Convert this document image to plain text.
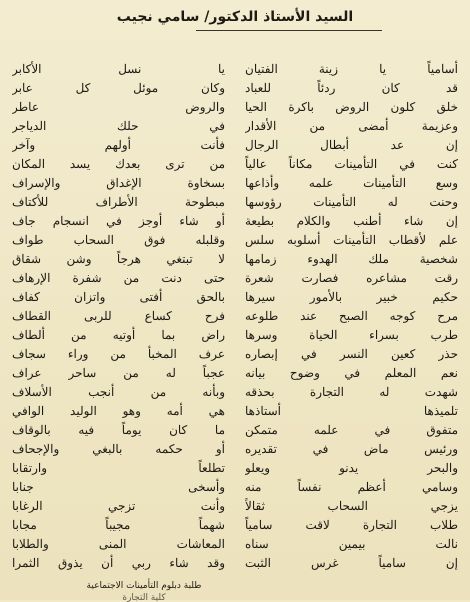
السيد الأستاذ الدكتور/ سامي نجيب
أسامياً يا زينة الفتيان
يا نسل الأكابر
قد كان ردئاً للعباد
وكان موئل كل عابر
خلق كلون الروض باكرة الحيا
والروض عاطر
وعزيمة أمضى من الأقدار
في حلك الدياجر
إن عد أبطال الرجال
فأنت أولهم وآخر
كنت في التأمينات مكاناً عالياً
من ترى بعدك يسد المكان
وسع التأمينات علمه وأذاعها
بسخاوة الإغداق والإسراف
وحنت له التأمينات رؤوسها
مبطوحة الأطراف للأكتاف
إن شاء أطنب والكلام بطيعة
أو شاء أوجز في انسجام جاف
علم لأقطاب التأمينات أسلوبه سلس
وقلبله فوق السحاب طواف
شخصية ملك الهدوء زمامها
لا تبتغي هرجاً وشن شقاق
رقت مشاعره فصارت شعرة
حتى دنت من شفرة الإرهاف
حكيم خبير بالأمور سيرها
بالحق أفتى واتزان كفاف
مرح كوجه الصبح عند طلوعه
فرح كساع للربى القطاف
طرب بسراء الحياة وسرها
راض بما أوتيه من ألطاف
حذر كعين النسر في إبصاره
عرف المخبأ من وراء سجاف
نعم المعلم في وضوح بيانه
عجباً له من ساحر عراف
شهدت له التجارة بحذقه
وبأنه من أنجب الأسلاف
تلميذها أستاذها
هي أمه وهو الوليد الوافي
متفوق في علمه متمكن
ما كان يوماً فيه بالوقاف
ورئيس ماض في تقديره
أو حكمه بالبغي والإجحاف
والبحر يدنو ويعلو
تطلعاً وارتقابا
وسامي أعظم نفساً منه
وأسخى جنابا
يزجي السحاب ثقالاً
وأنت تزجي الرغابا
طلاب التجارة لاقت سامياً
شهماً مجيباً مجابا
نالت بيمين سناه
المعاشات المنى والطلابا
إن سامياً غرس الثبت
وقد شاء ربي أن يذوق الثمرا
طلبة دبلوم التأمينات الاجتماعية
كلية التجارة
